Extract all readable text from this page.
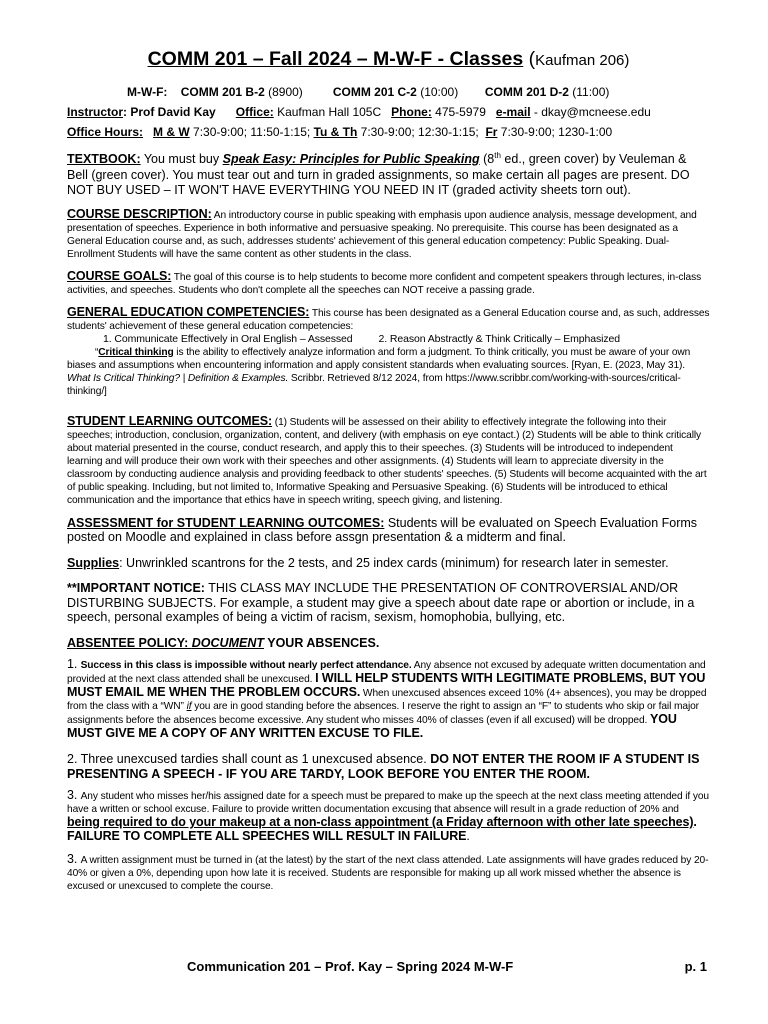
COMM 201 – Fall 2024 – M-W-F - Classes (Kaufman 206)
M-W-F: COMM 201 B-2 (8900)	COMM 201 C-2 (10:00) COMM 201 D-2 (11:00)
Instructor: Prof David Kay Office: Kaufman Hall 105C Phone: 475-5979 e-mail - dkay@mcneese.edu
Office Hours: M & W 7:30-9:00; 11:50-1:15; Tu & Th 7:30-9:00; 12:30-1:15; Fr 7:30-9:00; 1230-1:00
TEXTBOOK: You must buy Speak Easy: Principles for Public Speaking (8th ed., green cover) by Veuleman & Bell (green cover). You must tear out and turn in graded assignments, so make certain all pages are present. DO NOT BUY USED – IT WON'T HAVE EVERYTHING YOU NEED IN IT (graded activity sheets torn out).
COURSE DESCRIPTION: An introductory course in public speaking with emphasis upon audience analysis, message development, and presentation of speeches. Experience in both informative and persuasive speaking. No prerequisite. This course has been designated as a General Education course and, as such, addresses students' achievement of this general education competency: Public Speaking. Dual-Enrollment Students will have the same content as other students in the class.
COURSE GOALS: The goal of this course is to help students to become more confident and competent speakers through lectures, in-class activities, and speeches. Students who don't complete all the speeches can NOT receive a passing grade.
GENERAL EDUCATION COMPETENCIES: This course has been designated as a General Education course and, as such, addresses students' achievement of these general education competencies:
1. Communicate Effectively in Oral English – Assessed 2. Reason Abstractly & Think Critically – Emphasized
“Critical thinking is the ability to effectively analyze information and form a judgment. To think critically, you must be aware of your own biases and assumptions when encountering information and apply consistent standards when evaluating sources. [Ryan, E. (2023, May 31). What Is Critical Thinking? | Definition & Examples. Scribbr. Retrieved 8/12 2024, from https://www.scribbr.com/working-with-sources/critical-thinking/]
STUDENT LEARNING OUTCOMES: (1) Students will be assessed on their ability to effectively integrate the following into their speeches; introduction, conclusion, organization, content, and delivery (with emphasis on eye contact.) (2) Students will be able to think critically about material presented in the course, conduct research, and apply this to their speeches. (3) Students will be introduced to independent learning and will produce their own work with their speeches and other assignments. (4) Students will learn to appreciate diversity in the classroom by conducting audience analysis and providing feedback to other students' speeches. (5) Students will become acquainted with the art of public speaking. Including, but not limited to, Informative Speaking and Persuasive Speaking. (6) Students will be introduced to ethical communication and the importance that ethics have in speech writing, speech giving, and listening.
ASSESSMENT for STUDENT LEARNING OUTCOMES: Students will be evaluated on Speech Evaluation Forms posted on Moodle and explained in class before assgn presentation & a midterm and final.
Supplies: Unwrinkled scantrons for the 2 tests, and 25 index cards (minimum) for research later in semester.
**IMPORTANT NOTICE: THIS CLASS MAY INCLUDE THE PRESENTATION OF CONTROVERSIAL AND/OR DISTURBING SUBJECTS. For example, a student may give a speech about date rape or abortion or include, in a speech, personal examples of being a victim of racism, sexism, homophobia, bullying, etc.
ABSENTEE POLICY: DOCUMENT YOUR ABSENCES.
1. Success in this class is impossible without nearly perfect attendance. Any absence not excused by adequate written documentation and provided at the next class attended shall be unexcused. I WILL HELP STUDENTS WITH LEGITIMATE PROBLEMS, BUT YOU MUST EMAIL ME WHEN THE PROBLEM OCCURS. When unexcused absences exceed 10% (4+ absences), you may be dropped from the class with a “WN” if you are in good standing before the absences. I reserve the right to assign an “F” to students who skip or fail major assignments before the absences become excessive. Any student who misses 40% of classes (even if all excused) will be dropped. YOU MUST GIVE ME A COPY OF ANY WRITTEN EXCUSE TO FILE.
2. Three unexcused tardies shall count as 1 unexcused absence. DO NOT ENTER THE ROOM IF A STUDENT IS PRESENTING A SPEECH - IF YOU ARE TARDY, LOOK BEFORE YOU ENTER THE ROOM.
3. Any student who misses her/his assigned date for a speech must be prepared to make up the speech at the next class meeting attended if you have a written or school excuse. Failure to provide written documentation excusing that absence will result in a grade reduction of 20% and being required to do your makeup at a non-class appointment (a Friday afternoon with other late speeches). FAILURE TO COMPLETE ALL SPEECHES WILL RESULT IN FAILURE.
3. A written assignment must be turned in (at the latest) by the start of the next class attended. Late assignments will have grades reduced by 20-40% or given a 0%, depending upon how late it is received. Students are responsible for making up all work missed whether the absence is excused or unexcused to complete the course.
Communication 201 – Prof. Kay – Spring 2024 M-W-F	p. 1
